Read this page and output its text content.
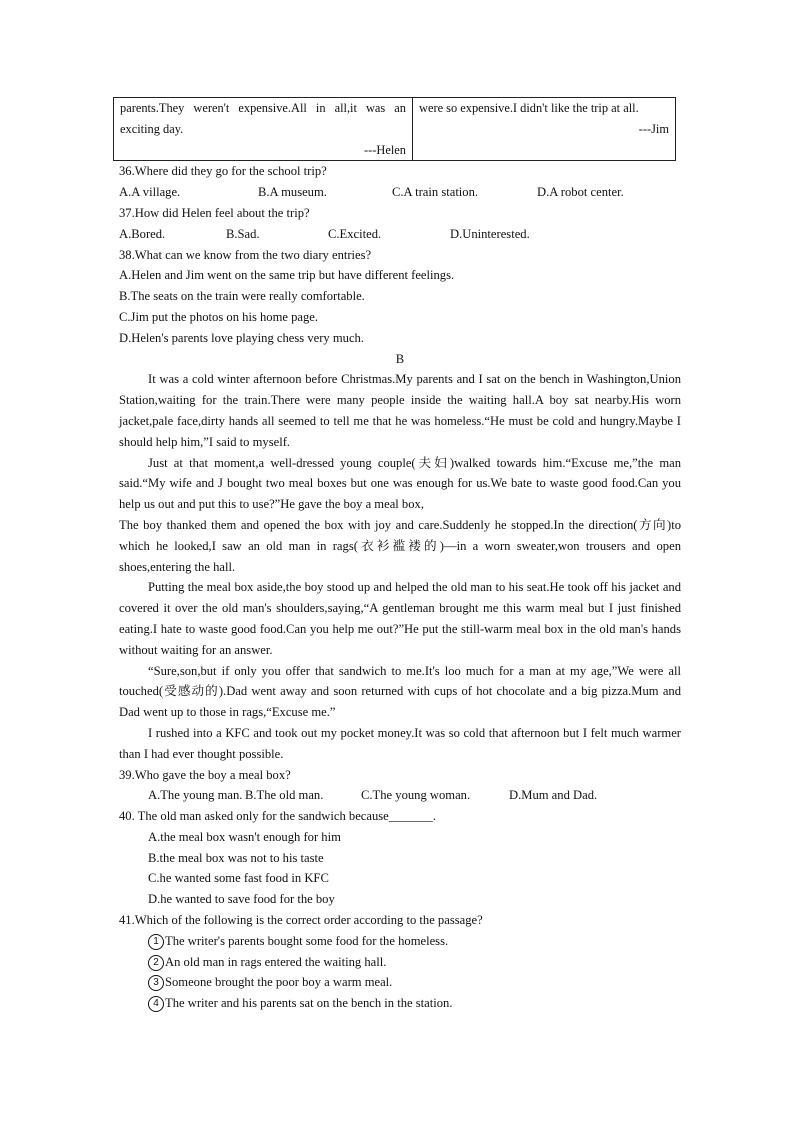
parents.They weren't expensive.All in all,it was an exciting day.
---Helen

were so expensive.I didn't like the trip at all.
---Jim
36.Where did they go for the school trip?
A.A village.	B.A museum.	C.A train station.	D.A robot center.
37.How did Helen feel about the trip?
A.Bored.	B.Sad.	C.Excited.	D.Uninterested.
38.What can we know from the two diary entries?
A.Helen and Jim went on the same trip but have different feelings.
B.The seats on the train were really comfortable.
C.Jim put the photos on his home page.
D.Helen's parents love playing chess very much.
B

It was a cold winter afternoon before Christmas.My parents and I sat on the bench in Washington,Union Station,waiting for the train.There were many people inside the waiting hall.A boy sat nearby.His worn jacket,pale face,dirty hands all seemed to tell me that he was homeless.“He must be cold and hungry.Maybe I should help him,”I said to myself.

Just at that moment,a well-dressed young couple(夫妇)walked towards him.“Excuse me,”the man said.“My wife and J bought two meal boxes but one was enough for us.We bate to waste good food.Can you help us out and put this to use?”He gave the boy a meal box,

The boy thanked them and opened the box with joy and care.Suddenly he stopped.In the direction(方向)to which he looked,I saw an old man in rags(衣衫褴褛的)—in a worn sweater,won trousers and open shoes,entering the hall.

Putting the meal box aside,the boy stood up and helped the old man to his seat.He took off his jacket and covered it over the old man's shoulders,saying,“A gentleman brought me this warm meal but I just finished eating.I hate to waste good food.Can you help me out?”He put the still-warm meal box in the old man's hands without waiting for an answer.

“Sure,son,but if only you offer that sandwich to me.It's loo much for a man at my age,”We were all touched(受感动的).Dad went away and soon returned with cups of hot chocolate and a big pizza.Mum and Dad went up to those in rags,“Excuse me.”

I rushed into a KFC and took out my pocket money.It was so cold that afternoon but I felt much warmer than I had ever thought possible.

39.Who gave the boy a meal box?
A.The young man. B.The old man.	C.The young woman.	D.Mum and Dad.
40. The old man asked only for the sandwich because_______.
A.the meal box wasn't enough for him
B.the meal box was not to his taste
C.he wanted some fast food in KFC
D.he wanted to save food for the boy
41.Which of the following is the correct order according to the passage?
1 The writer's parents bought some food for the homeless.
2 An old man in rags entered the waiting hall.
3 Someone brought the poor boy a warm meal.
4 The writer and his parents sat on the bench in the station.
